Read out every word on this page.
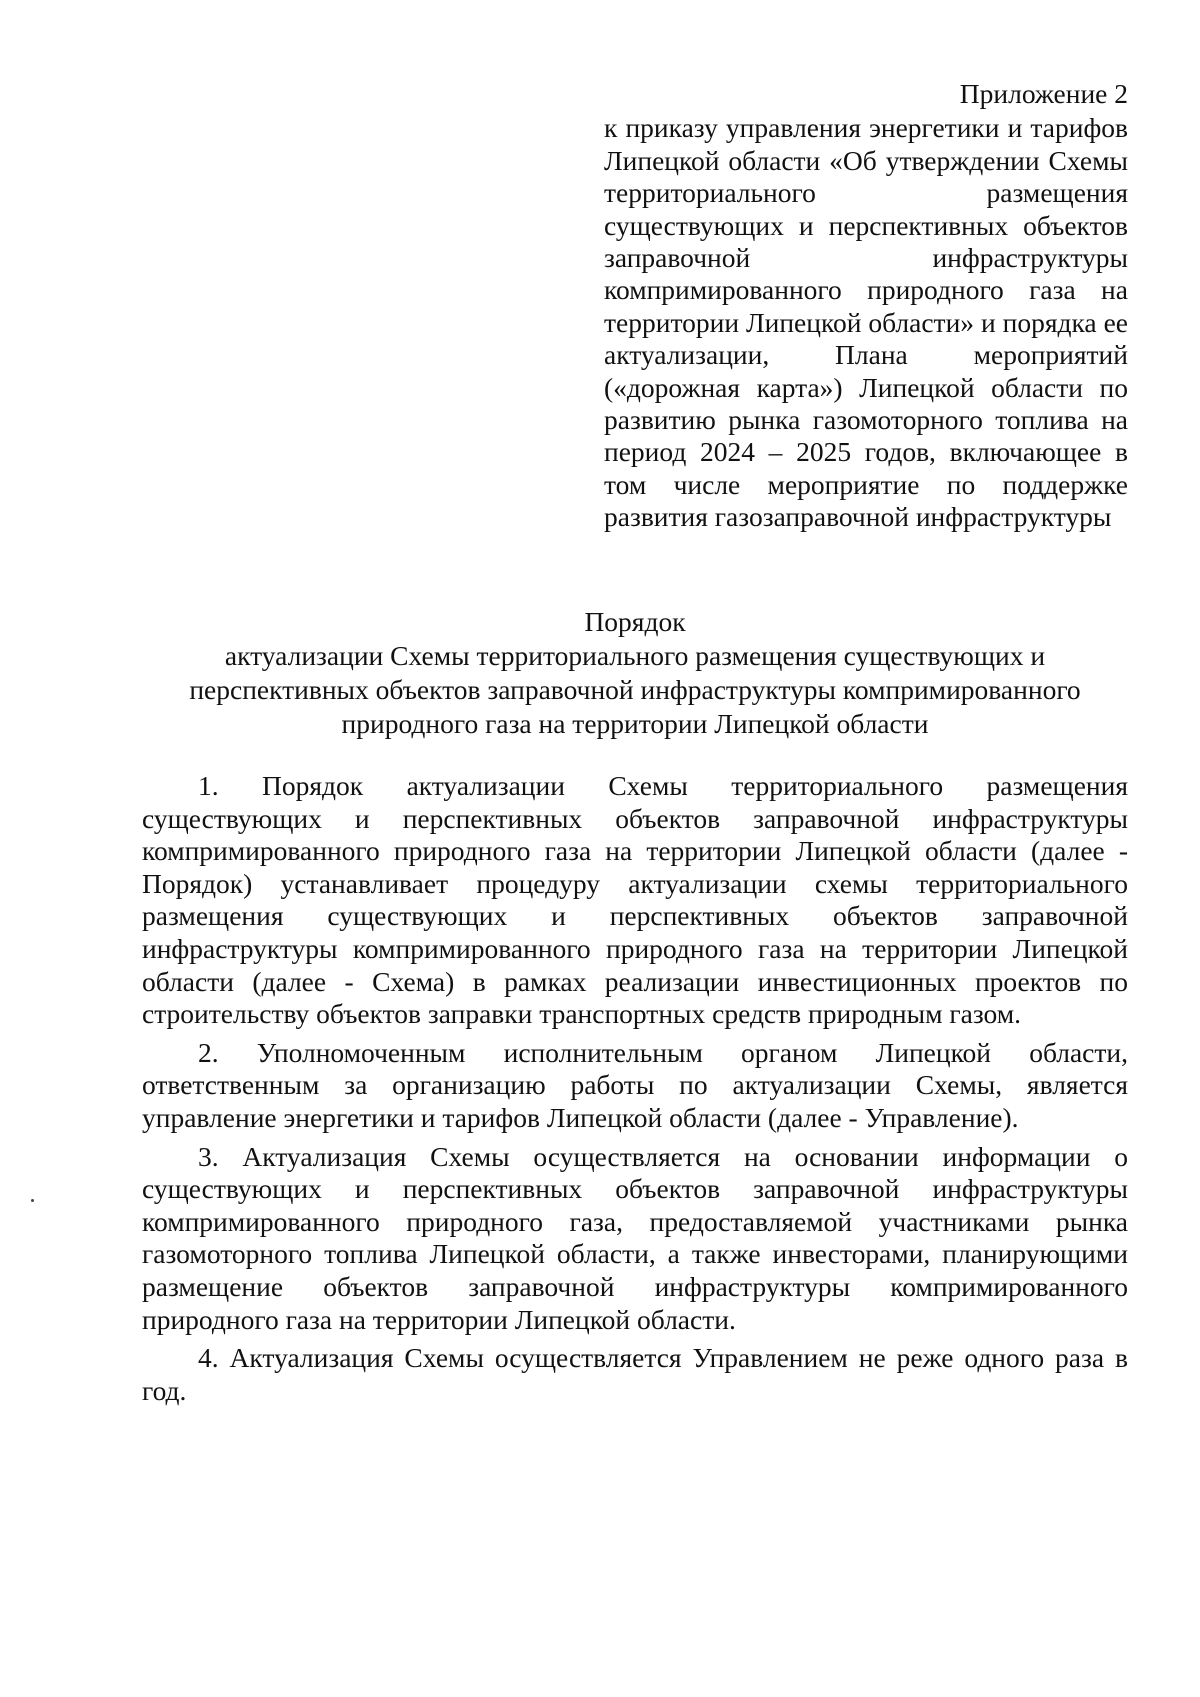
Приложение 2
к приказу управления энергетики и тарифов Липецкой области «Об утверждении Схемы территориального размещения существующих и перспективных объектов заправочной инфраструктуры компримированного природного газа на территории Липецкой области» и порядка ее актуализации, Плана мероприятий («дорожная карта») Липецкой области по развитию рынка газомоторного топлива на период 2024 – 2025 годов, включающее в том числе мероприятие по поддержке развития газозаправочной инфраструктуры
Порядок
актуализации Схемы территориального размещения существующих и
перспективных объектов заправочной инфраструктуры компримированного
природного газа на территории Липецкой области

1. Порядок актуализации Схемы территориального размещения существующих и перспективных объектов заправочной инфраструктуры компримированного природного газа на территории Липецкой области (далее - Порядок) устанавливает процедуру актуализации схемы территориального размещения существующих и перспективных объектов заправочной инфраструктуры компримированного природного газа на территории Липецкой области (далее - Схема) в рамках реализации инвестиционных проектов по строительству объектов заправки транспортных средств природным газом.

2. Уполномоченным исполнительным органом Липецкой области, ответственным за организацию работы по актуализации Схемы, является управление энергетики и тарифов Липецкой области (далее - Управление).

3. Актуализация Схемы осуществляется на основании информации о существующих и перспективных объектов заправочной инфраструктуры компримированного природного газа, предоставляемой участниками рынка газомоторного топлива Липецкой области, а также инвесторами, планирующими размещение объектов заправочной инфраструктуры компримированного природного газа на территории Липецкой области.

4. Актуализация Схемы осуществляется Управлением не реже одного раза в год.
